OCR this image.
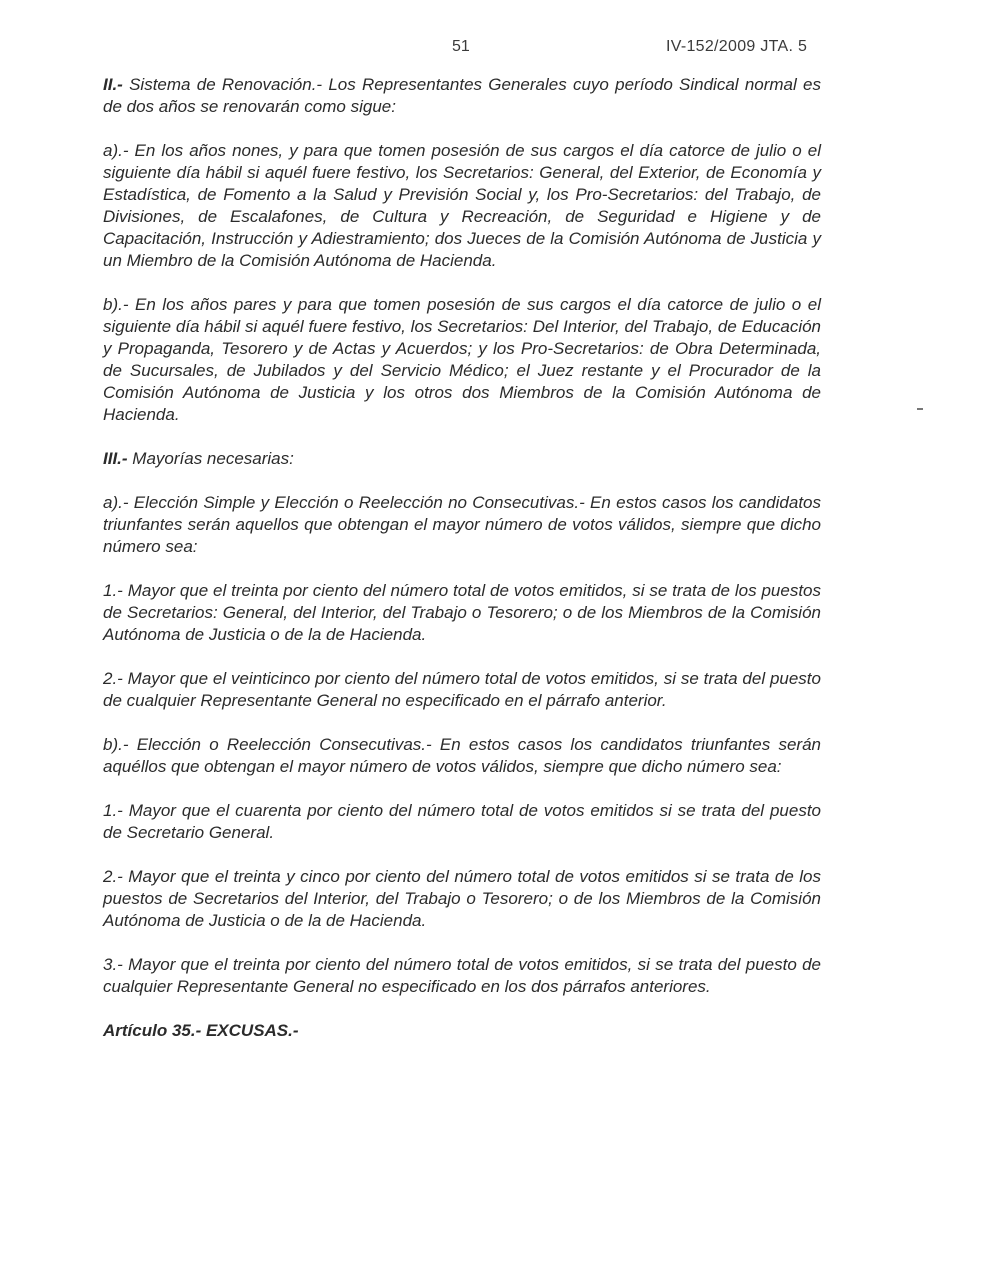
51	IV-152/2009 JTA. 5

II.- Sistema de Renovación.- Los Representantes Generales cuyo período Sindical normal es de dos años se renovarán como sigue:

a).- En los años nones, y para que tomen posesión de sus cargos el día catorce de julio o el siguiente día hábil si aquél fuere festivo, los Secretarios: General, del Exterior, de Economía y Estadística, de Fomento a la Salud y Previsión Social y, los Pro-Secretarios: del Trabajo, de Divisiones, de Escalafones, de Cultura y Recreación, de Seguridad e Higiene y de Capacitación, Instrucción y Adiestramiento; dos Jueces de la Comisión Autónoma de Justicia y un Miembro de la Comisión Autónoma de Hacienda.

b).- En los años pares y para que tomen posesión de sus cargos el día catorce de julio o el siguiente día hábil si aquél fuere festivo, los Secretarios: Del Interior, del Trabajo, de Educación y Propaganda, Tesorero y de Actas y Acuerdos; y los Pro-Secretarios: de Obra Determinada, de Sucursales, de Jubilados y del Servicio Médico; el Juez restante y el Procurador de la Comisión Autónoma de Justicia y los otros dos Miembros de la Comisión Autónoma de Hacienda.

III.- Mayorías necesarias:

a).- Elección Simple y Elección o Reelección no Consecutivas.- En estos casos los candidatos triunfantes serán aquellos que obtengan el mayor número de votos válidos, siempre que dicho número sea:

1.- Mayor que el treinta por ciento del número total de votos emitidos, si se trata de los puestos de Secretarios: General, del Interior, del Trabajo o Tesorero; o de los Miembros de la Comisión Autónoma de Justicia o de la de Hacienda.

2.- Mayor que el veinticinco por ciento del número total de votos emitidos, si se trata del puesto de cualquier Representante General no especificado en el párrafo anterior.

b).- Elección o Reelección Consecutivas.- En estos casos los candidatos triunfantes serán aquéllos que obtengan el mayor número de votos válidos, siempre que dicho número sea:

1.- Mayor que el cuarenta por ciento del número total de votos emitidos si se trata del puesto de Secretario General.

2.- Mayor que el treinta y cinco por ciento del número total de votos emitidos si se trata de los puestos de Secretarios del Interior, del Trabajo o Tesorero; o de los Miembros de la Comisión Autónoma de Justicia o de la de Hacienda.

3.- Mayor que el treinta por ciento del número total de votos emitidos, si se trata del puesto de cualquier Representante General no especificado en los dos párrafos anteriores.

Artículo 35.- EXCUSAS.-
